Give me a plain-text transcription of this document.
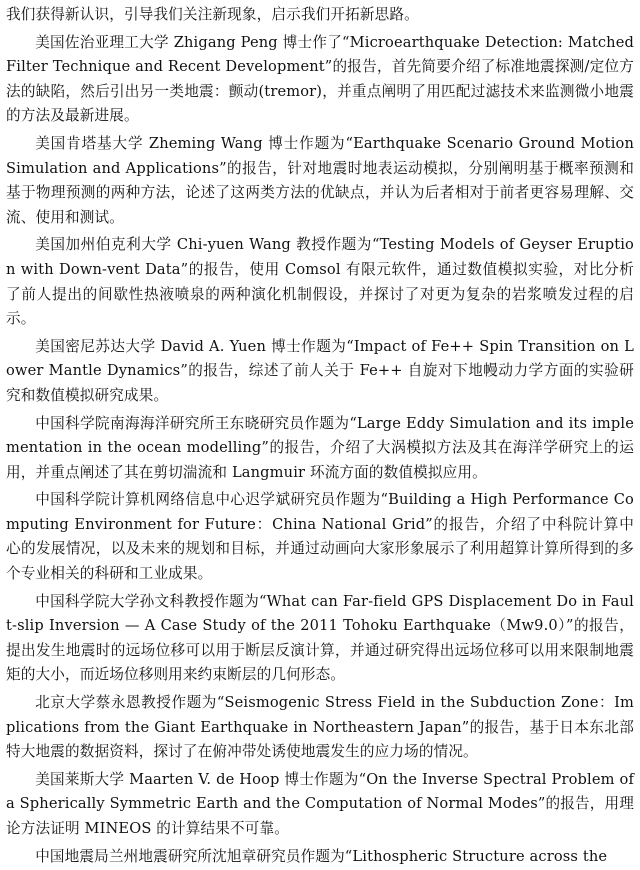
我们获得新认识，引导我们关注新现象，启示我们开拓新思路。

美国佐治亚理工大学 Zhigang Peng 博士作了“Microearthquake Detection: Matched Filter Technique and Recent Development”的报告，首先简要介绍了标准地震探测/定位方法的缺陷，然后引出另一类地震：颤动(tremor)，并重点阐明了用匹配过滤技术来监测微小地震的方法及最新进展。

美国肯塔基大学 Zheming Wang 博士作题为“Earthquake Scenario Ground Motion Simulation and Applications”的报告，针对地震时地表运动模拟，分别阐明基于概率预测和基于物理预测的两种方法，论述了这两类方法的优缺点，并认为后者相对于前者更容易理解、交流、使用和测试。

美国加州伯克利大学 Chi-yuen Wang 教授作题为“Testing Models of Geyser Eruption with Down-vent Data”的报告，使用 Comsol 有限元软件，通过数值模拟实验，对比分析了前人提出的间歇性热液喷泉的两种演化机制假设，并探讨了对更为复杂的岩浆喷发过程的启示。

美国密尼苏达大学 David A. Yuen 博士作题为“Impact of Fe++ Spin Transition on Lower Mantle Dynamics”的报告，综述了前人关于 Fe++ 自旋对下地幔动力学方面的实验研究和数值模拟研究成果。

中国科学院南海海洋研究所王东晓研究员作题为“Large Eddy Simulation and its implementation in the ocean modelling”的报告，介绍了大涡模拟方法及其在海洋学研究上的运用，并重点阐述了其在剪切湍流和 Langmuir 环流方面的数值模拟应用。

中国科学院计算机网络信息中心迟学斌研究员作题为“Building a High Performance Computing Environment for Future：China National Grid”的报告，介绍了中科院计算中心的发展情况，以及未来的规划和目标，并通过动画向大家形象展示了利用超算计算所得到的多个专业相关的科研和工业成果。

中国科学院大学孙文科教授作题为“What can Far-field GPS Displacement Do in Fault-slip Inversion — A Case Study of the 2011 Tohoku Earthquake（Mw9.0）”的报告，提出发生地震时的远场位移可以用于断层反演计算，并通过研究得出远场位移可以用来限制地震矩的大小，而近场位移则用来约束断层的几何形态。

北京大学蔡永恩教授作题为“Seismogenic Stress Field in the Subduction Zone：Implications from the Giant Earthquake in Northeastern Japan”的报告，基于日本东北部特大地震的数据资料，探讨了在俯冲带处诱使地震发生的应力场的情况。

美国莱斯大学 Maarten V. de Hoop 博士作题为“On the Inverse Spectral Problem of a Spherically Symmetric Earth and the Computation of Normal Modes”的报告，用理论方法证明 MINEOS 的计算结果不可靠。

中国地震局兰州地震研究所沈旭章研究员作题为“Lithospheric Structure across the
